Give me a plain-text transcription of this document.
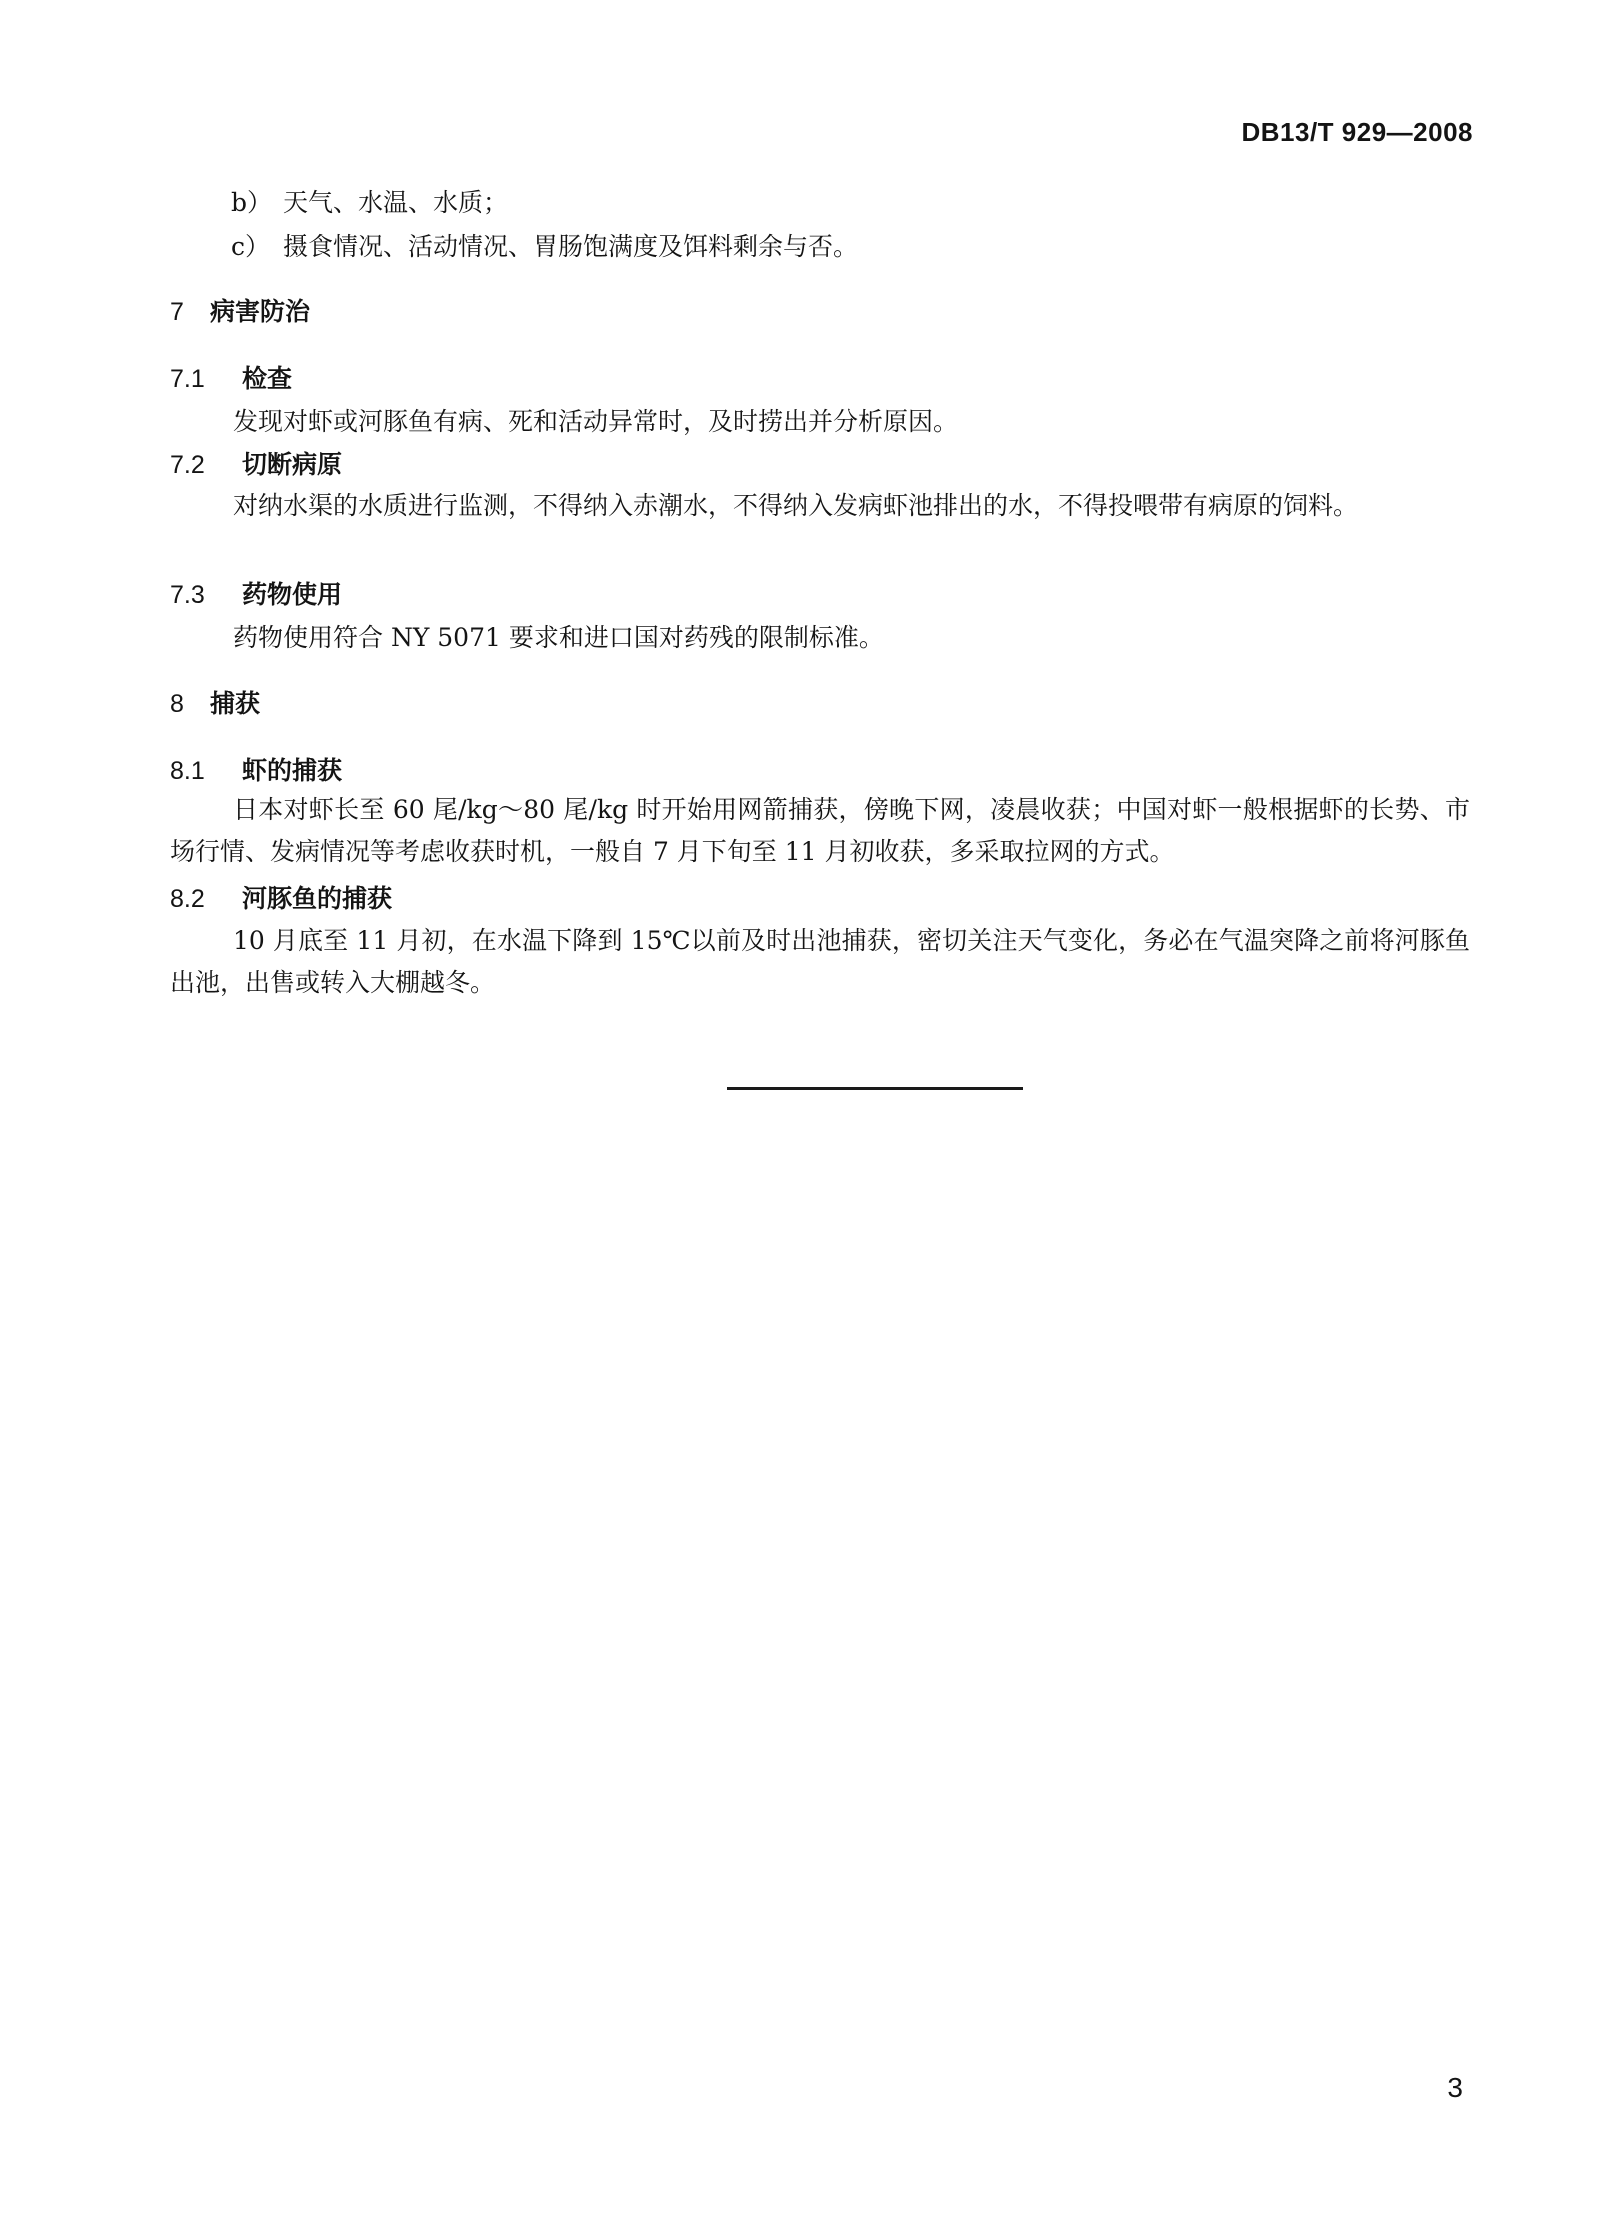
DB13/T 929—2008
b） 天气、水温、水质；
c） 摄食情况、活动情况、胃肠饱满度及饵料剩余与否。
7 病害防治
7.1 检查
发现对虾或河豚鱼有病、死和活动异常时，及时捞出并分析原因。
7.2 切断病原
对纳水渠的水质进行监测，不得纳入赤潮水，不得纳入发病虾池排出的水，不得投喂带有病原的饲料。
7.3 药物使用
药物使用符合 NY 5071 要求和进口国对药残的限制标准。
8 捕获
8.1 虾的捕获
日本对虾长至 60 尾/kg～80 尾/kg 时开始用网箭捕获，傍晚下网，凌晨收获；中国对虾一般根据虾的长势、市场行情、发病情况等考虑收获时机，一般自 7 月下旬至 11 月初收获，多采取拉网的方式。
8.2 河豚鱼的捕获
10 月底至 11 月初，在水温下降到 15℃以前及时出池捕获，密切关注天气变化，务必在气温突降之前将河豚鱼出池，出售或转入大棚越冬。
3
